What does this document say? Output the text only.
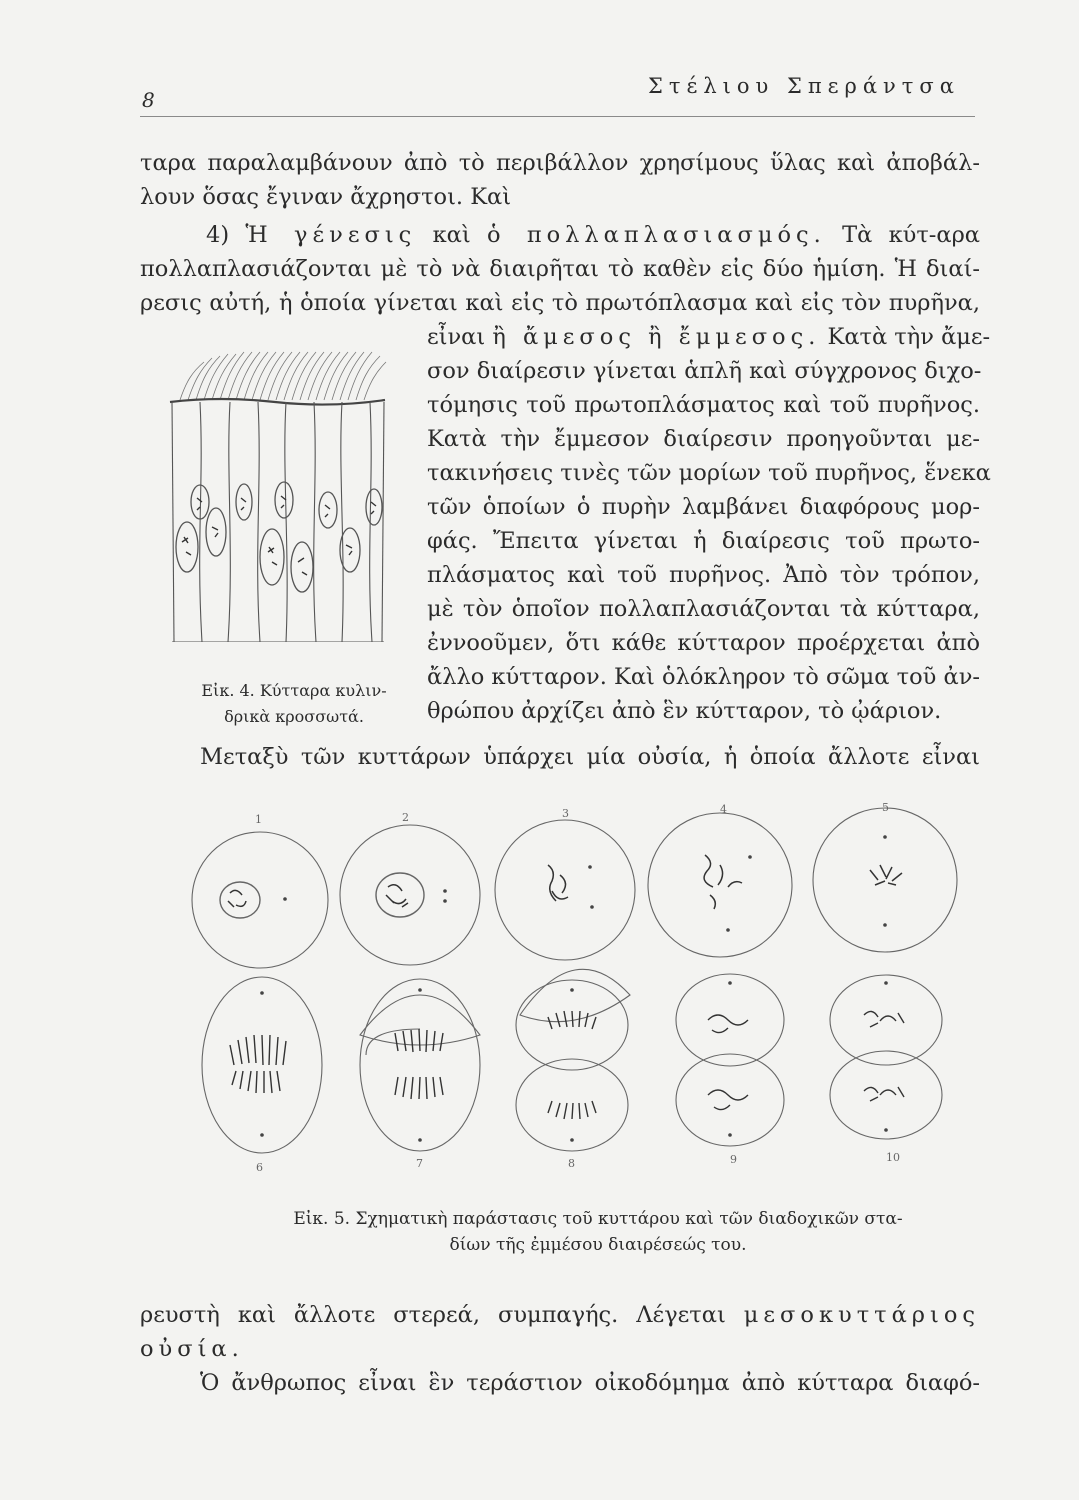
8
Στέλιου Σπεράντσα
ταρα παραλαμβάνουν ἀπὸ τὸ περιβάλλον χρησίμους ὕλας καὶ ἀποβάλ-
λουν ὅσας ἔγιναν ἄχρηστοι. Καὶ
4) Ἡ γένεσις καὶ ὁ πολλαπλασιασμός. Τὰ κύτ-αρα
πολλαπλασιάζονται μὲ τὸ νὰ διαιρῆται τὸ καθὲν εἰς δύο ἡμίση. Ἡ διαί-
ρεσις αὐτή, ἡ ὁποία γίνεται καὶ εἰς τὸ πρωτόπλασμα καὶ εἰς τὸν πυρῆνα,
εἶναι ἢ ἄμεσος ἢ ἔμμεσος. Κατὰ τὴν ἄμε-
σον διαίρεσιν γίνεται ἁπλῆ καὶ σύγχρονος διχο-
τόμησις τοῦ πρωτοπλάσματος καὶ τοῦ πυρῆνος.
Κατὰ τὴν ἔμμεσον διαίρεσιν προηγοῦνται με-
τακινήσεις τινὲς τῶν μορίων τοῦ πυρῆνος, ἕνεκα
τῶν ὁποίων ὁ πυρὴν λαμβάνει διαφόρους μορ-
φάς. Ἔπειτα γίνεται ἡ διαίρεσις τοῦ πρωτο-
πλάσματος καὶ τοῦ πυρῆνος. Ἀπὸ τὸν τρόπον,
μὲ τὸν ὁποῖον πολλαπλασιάζονται τὰ κύτταρα,
ἐννοοῦμεν, ὅτι κάθε κύτταρον προέρχεται ἀπὸ
ἄλλο κύτταρον. Καὶ ὁλόκληρον τὸ σῶμα τοῦ ἀν-
θρώπου ἀρχίζει ἀπὸ ἓν κύτταρον, τὸ ᾠάριον.
Εἰκ. 4. Κύτταρα κυλιν-
δρικὰ κροσσωτά.
Μεταξὺ τῶν κυττάρων ὑπάρχει μία οὐσία, ἡ ὁποία ἄλλοτε εἶναι
1	2	3	4	5
6	7	8	9	10
Εἰκ. 5. Σχηματικὴ παράστασις τοῦ κυττάρου καὶ τῶν διαδοχικῶν στα-
δίων τῆς ἐμμέσου διαιρέσεώς του.
ρευστὴ καὶ ἄλλοτε στερεά, συμπαγής. Λέγεται μεσοκυττάριος
οὐσία.
Ὁ ἄνθρωπος εἶναι ἓν τεράστιον οἰκοδόμημα ἀπὸ κύτταρα διαφό-
